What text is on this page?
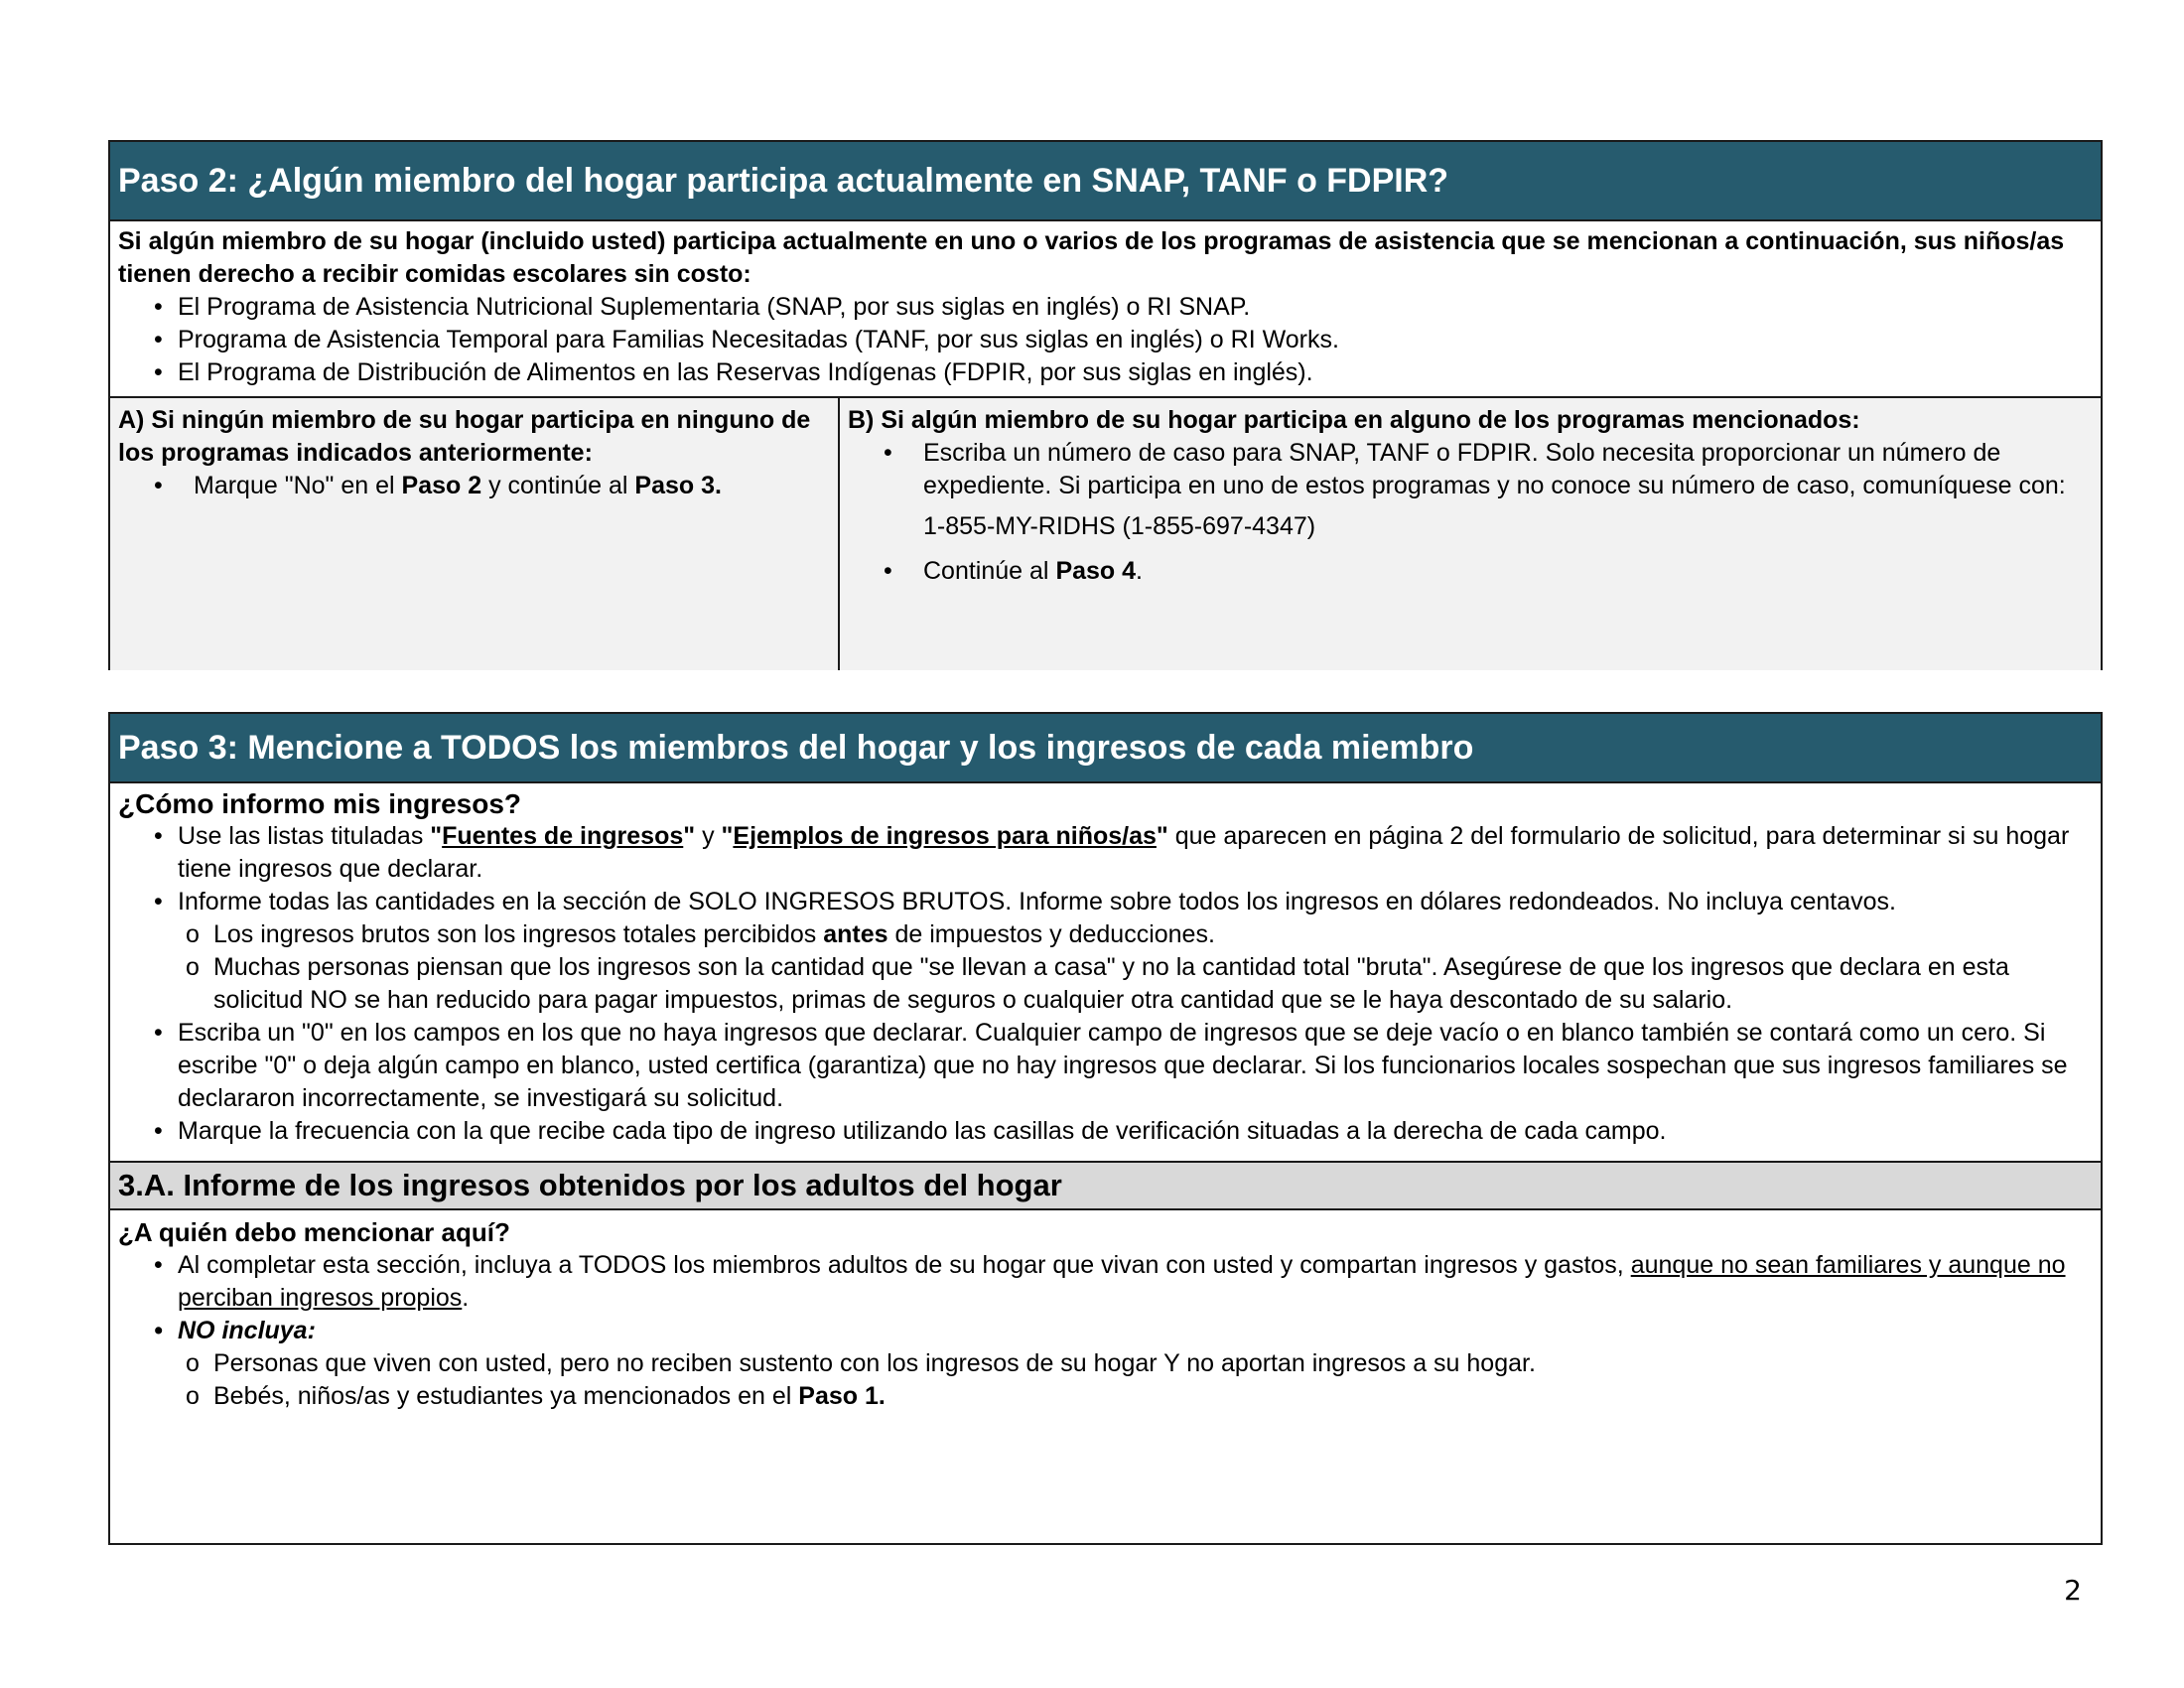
Paso 2: ¿Algún miembro del hogar participa actualmente en SNAP, TANF o FDPIR?
Si algún miembro de su hogar (incluido usted) participa actualmente en uno o varios de los programas de asistencia que se mencionan a continuación, sus niños/as tienen derecho a recibir comidas escolares sin costo:
• El Programa de Asistencia Nutricional Suplementaria (SNAP, por sus siglas en inglés) o RI SNAP.
• Programa de Asistencia Temporal para Familias Necesitadas (TANF, por sus siglas en inglés) o RI Works.
• El Programa de Distribución de Alimentos en las Reservas Indígenas (FDPIR, por sus siglas en inglés).
A) Si ningún miembro de su hogar participa en ninguno de los programas indicados anteriormente:
• Marque "No" en el Paso 2 y continúe al Paso 3.
B) Si algún miembro de su hogar participa en alguno de los programas mencionados:
• Escriba un número de caso para SNAP, TANF o FDPIR. Solo necesita proporcionar un número de expediente. Si participa en uno de estos programas y no conoce su número de caso, comuníquese con:
1-855-MY-RIDHS (1-855-697-4347)
• Continúe al Paso 4.
Paso 3: Mencione a TODOS los miembros del hogar y los ingresos de cada miembro
¿Cómo informo mis ingresos?
• Use las listas tituladas "Fuentes de ingresos" y "Ejemplos de ingresos para niños/as" que aparecen en página 2 del formulario de solicitud, para determinar si su hogar tiene ingresos que declarar.
• Informe todas las cantidades en la sección de SOLO INGRESOS BRUTOS. Informe sobre todos los ingresos en dólares redondeados. No incluya centavos.
o Los ingresos brutos son los ingresos totales percibidos antes de impuestos y deducciones.
o Muchas personas piensan que los ingresos son la cantidad que "se llevan a casa" y no la cantidad total "bruta". Asegúrese de que los ingresos que declara en esta solicitud NO se han reducido para pagar impuestos, primas de seguros o cualquier otra cantidad que se le haya descontado de su salario.
• Escriba un "0" en los campos en los que no haya ingresos que declarar. Cualquier campo de ingresos que se deje vacío o en blanco también se contará como un cero. Si escribe "0" o deja algún campo en blanco, usted certifica (garantiza) que no hay ingresos que declarar. Si los funcionarios locales sospechan que sus ingresos familiares se declararon incorrectamente, se investigará su solicitud.
• Marque la frecuencia con la que recibe cada tipo de ingreso utilizando las casillas de verificación situadas a la derecha de cada campo.
3.A. Informe de los ingresos obtenidos por los adultos del hogar
¿A quién debo mencionar aquí?
• Al completar esta sección, incluya a TODOS los miembros adultos de su hogar que vivan con usted y compartan ingresos y gastos, aunque no sean familiares y aunque no perciban ingresos propios.
• NO incluya:
o Personas que viven con usted, pero no reciben sustento con los ingresos de su hogar Y no aportan ingresos a su hogar.
o Bebés, niños/as y estudiantes ya mencionados en el Paso 1.
2
